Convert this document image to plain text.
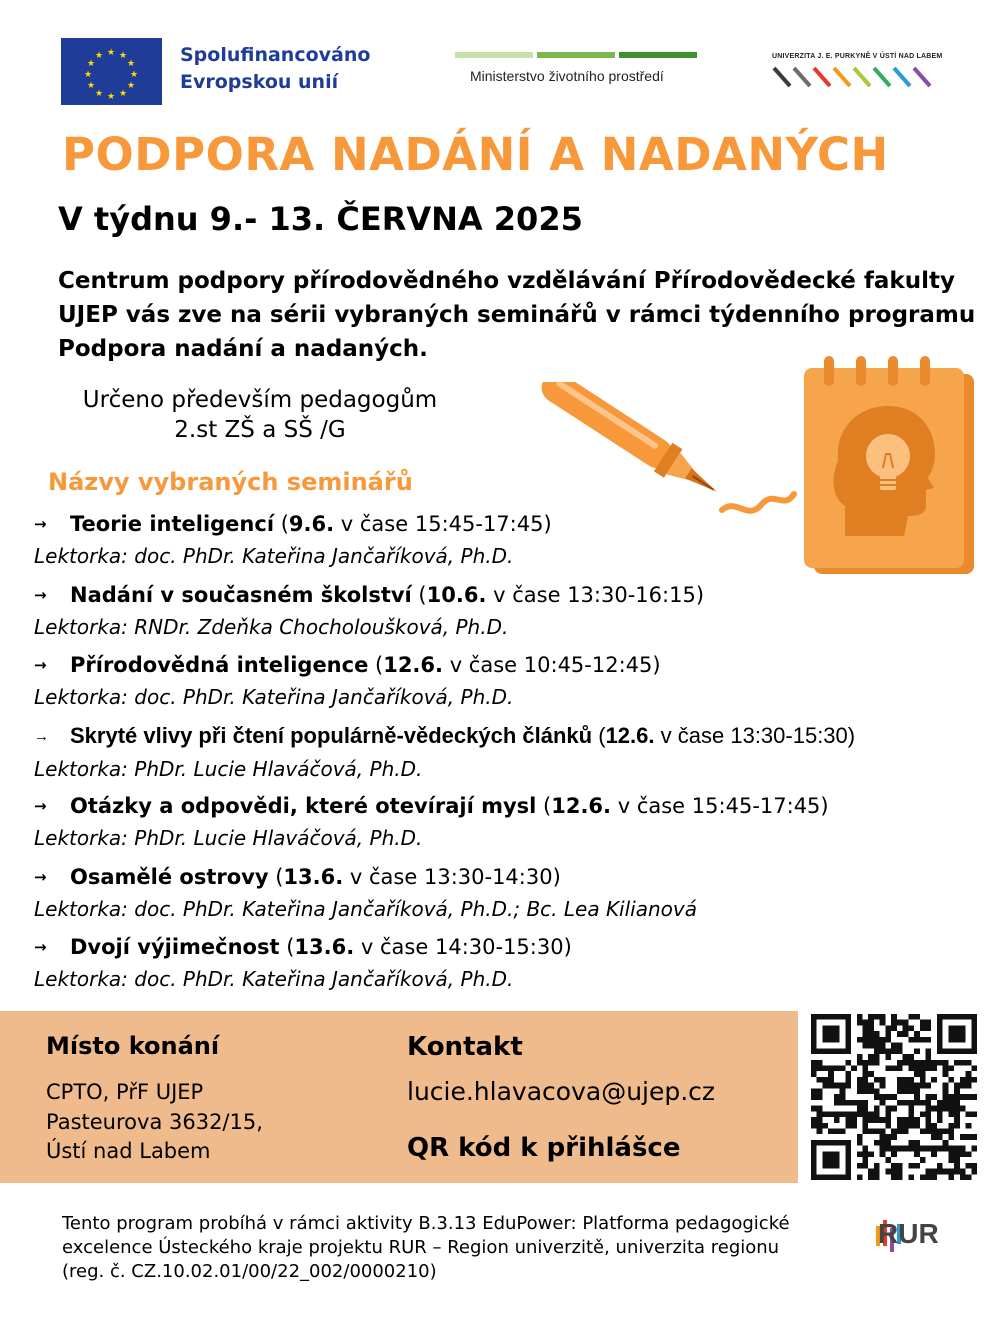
★ ★
★
★
★
★
★
★
★
★
★
★	Spolufinancováno
Evropskou unií	Ministerstvo životního prostředí
UNIVERZITA J. E. PURKYNĚ V ÚSTÍ NAD LABEM
PODPORA NADÁNÍ A NADANÝCH
V týdnu 9.- 13. ČERVNA 2025
Centrum podpory přírodovědného vzdělávání Přírodovědecké fakulty UJEP vás zve na sérii vybraných seminářů v rámci týdenního programu Podpora nadání a nadaných.
Určeno především pedagogům
2.st ZŠ a SŠ /G
Názvy vybraných seminářů
→ Teorie inteligencí (9.6. v čase 15:45-17:45)
Lektorka: doc. PhDr. Kateřina Jančaříková, Ph.D.
→ Nadání v současném školství (10.6. v čase 13:30-16:15)
Lektorka: RNDr. Zdeňka Chocholoušková, Ph.D.
→ Přírodovědná inteligence (12.6. v čase 10:45-12:45)
Lektorka: doc. PhDr. Kateřina Jančaříková, Ph.D.
→ Skryté vlivy při čtení populárně-vědeckých článků (12.6. v čase 13:30-15:30)
Lektorka: PhDr. Lucie Hlaváčová, Ph.D.
→ Otázky a odpovědi, které otevírají mysl (12.6. v čase 15:45-17:45)
Lektorka: PhDr. Lucie Hlaváčová, Ph.D.
→ Osamělé ostrovy (13.6. v čase 13:30-14:30)
Lektorka: doc. PhDr. Kateřina Jančaříková, Ph.D.; Bc. Lea Kilianová
→ Dvojí výjimečnost (13.6. v čase 14:30-15:30)
Lektorka: doc. PhDr. Kateřina Jančaříková, Ph.D.
Místo konání
CPTO, PřF UJEP
Pasteurova 3632/15,
Ústí nad Labem
Kontakt
lucie.hlavacova@ujep.cz
QR kód k přihlášce
Tento program probíhá v rámci aktivity B.3.13 EduPower: Platforma pedagogické excelence Ústeckého kraje projektu RUR – Region univerzitě, univerzita regionu (reg. č. CZ.10.02.01/00/22_002/0000210)
RUR
